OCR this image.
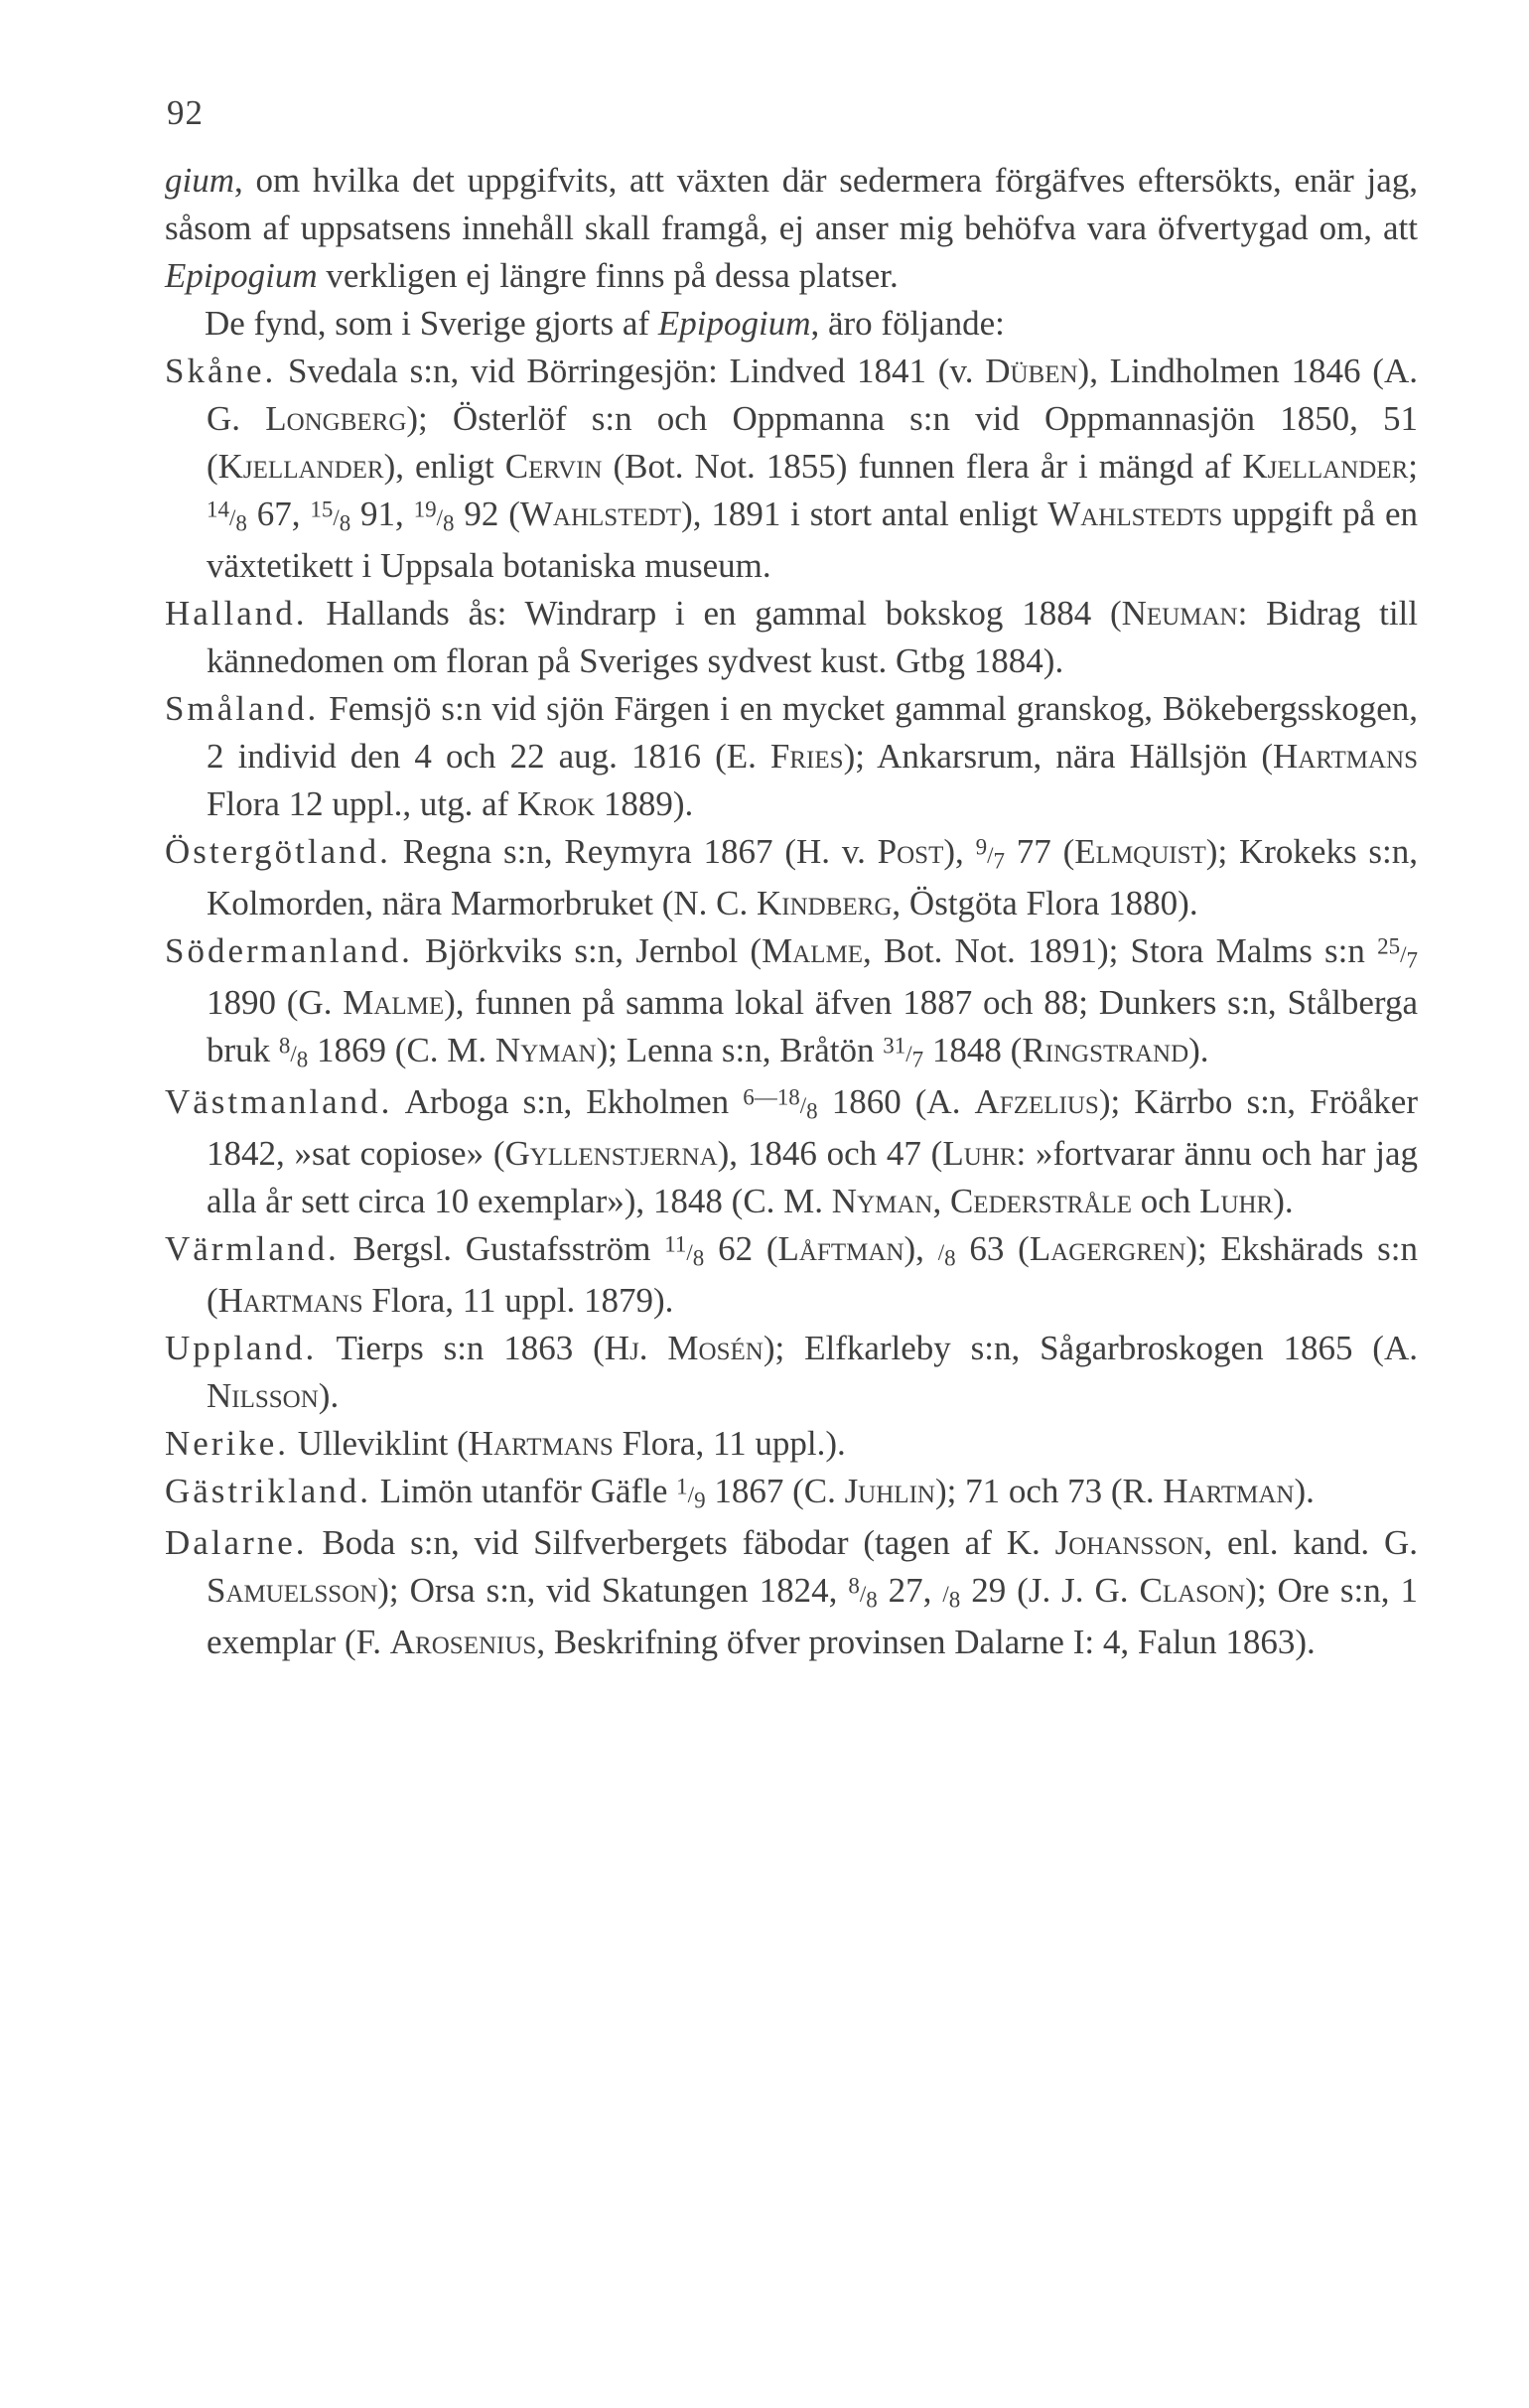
92

gium, om hvilka det uppgifvits, att växten där sedermera förgäfves eftersökts, enär jag, såsom af uppsatsens innehåll skall framgå, ej anser mig behöfva vara öfvertygad om, att Epipogium verkligen ej längre finns på dessa platser.

De fynd, som i Sverige gjorts af Epipogium, äro följande:

Skåne. Svedala s:n, vid Börringesjön: Lindved 1841 (v. Düben), Lindholmen 1846 (A. G. Longberg); Österlöf s:n och Oppmanna s:n vid Oppmannasjön 1850, 51 (Kjellander), enligt Cervin (Bot. Not. 1855) funnen flera år i mängd af Kjellander; $^{14}/_8$ 67, $^{15}/_8$ 91, $^{19}/_8$ 92 (Wahlstedt), 1891 i stort antal enligt Wahlstedts uppgift på en växtetikett i Uppsala botaniska museum.

Halland. Hallands ås: Windrarp i en gammal bokskog 1884 (Neuman: Bidrag till kännedomen om floran på Sveriges sydvest kust. Gtbg 1884).

Småland. Femsjö s:n vid sjön Färgen i en mycket gammal granskog, Bökebergsskogen, 2 individ den 4 och 22 aug. 1816 (E. Fries); Ankarsrum, nära Hällsjön (Hartmans Flora 12 uppl., utg. af Krok 1889).

Östergötland. Regna s:n, Reymyra 1867 (H. v. Post), $^9/_7$ 77 (Elmquist); Krokeks s:n, Kolmorden, nära Marmorbruket (N. C. Kindberg, Östgöta Flora 1880).

Södermanland. Björkviks s:n, Jernbol (Malme, Bot. Not. 1891); Stora Malms s:n $^{25}/_7$ 1890 (G. Malme), funnen på samma lokal äfven 1887 och 88; Dunkers s:n, Stålberga bruk $^8/_8$ 1869 (C. M. Nyman); Lenna s:n, Bråtön $^{31}/_7$ 1848 (Ringstrand).

Västmanland. Arboga s:n, Ekholmen $^{6—18}/_8$ 1860 (A. Afzelius); Kärrbo s:n, Fröåker 1842, »sat copiose» (Gyllenstjerna), 1846 och 47 (Luhr: »fortvarar ännu och har jag alla år sett circa 10 exemplar»), 1848 (C. M. Nyman, Cederstråle och Luhr).

Värmland. Bergsl. Gustafsström $^{11}/_8$ 62 (Låftman), $/_8$ 63 (Lagergren); Ekshärads s:n (Hartmans Flora, 11 uppl. 1879).

Uppland. Tierps s:n 1863 (Hj. Mosén); Elfkarleby s:n, Sågarbroskogen 1865 (A. Nilsson).

Nerike. Ulleviklint (Hartmans Flora, 11 uppl.).

Gästrikland. Limön utanför Gäfle $^1/_9$ 1867 (C. Juhlin); 71 och 73 (R. Hartman).

Dalarne. Boda s:n, vid Silfverbergets fäbodar (tagen af K. Johansson, enl. kand. G. Samuelsson); Orsa s:n, vid Skatungen 1824, $^8/_8$ 27, $/_8$ 29 (J. J. G. Clason); Ore s:n, 1 exemplar (F. Arosenius, Beskrifning öfver provinsen Dalarne I: 4, Falun 1863).
